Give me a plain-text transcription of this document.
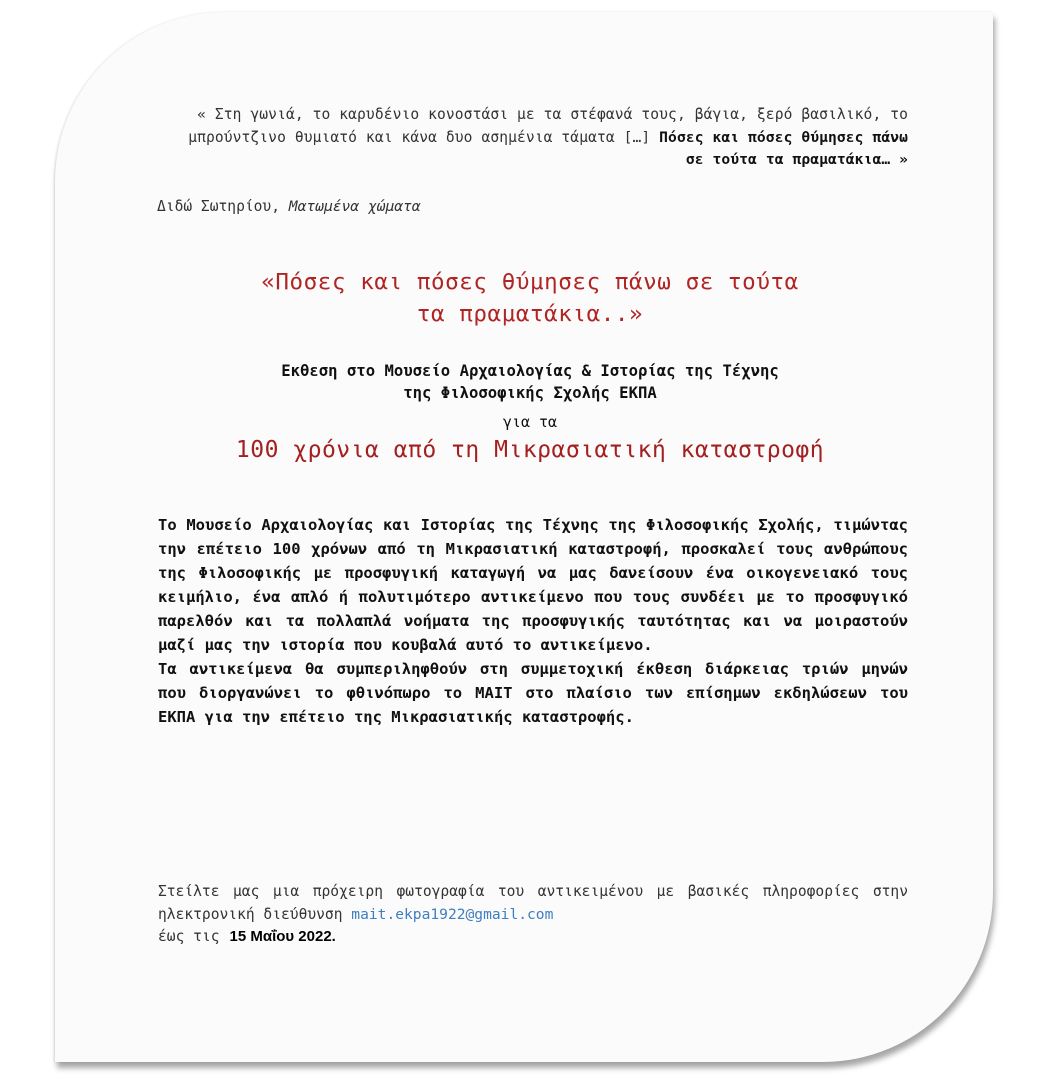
« Στη γωνιά, το καρυδένιο κονοστάσι με τα στέφανά τους, βάγια, ξερό βασιλικό, το μπρούντζινο θυμιατό και κάνα δυο ασημένια τάματα […] Πόσες και πόσες θύμησες πάνω σε τούτα τα πραματάκια… »
Διδώ Σωτηρίου, Ματωμένα χώματα
«Πόσες και πόσες θύμησες πάνω σε τούτα
τα πραματάκια..»
Εκθεση στο Μουσείο Αρχαιολογίας & Ιστορίας της Τέχνης
της Φιλοσοφικής Σχολής ΕΚΠΑ
για τα
100 χρόνια από τη Μικρασιατική καταστροφή

Το Μουσείο Αρχαιολογίας και Ιστορίας της Τέχνης της Φιλοσοφικής Σχολής, τιμώντας την επέτειο 100 χρόνων από τη Μικρασιατική καταστροφή, προσκαλεί τους ανθρώπους της Φιλοσοφικής με προσφυγική καταγωγή να μας δανείσουν ένα οικογενειακό τους κειμήλιο, ένα απλό ή πολυτιμότερο αντικείμενο που τους συνδέει με το προσφυγικό παρελθόν και τα πολλαπλά νοήματα της προσφυγικής ταυτότητας και να μοιραστούν μαζί μας την ιστορία που κουβαλά αυτό το αντικείμενο.

Τα αντικείμενα θα συμπεριληφθούν στη συμμετοχική έκθεση διάρκειας τριών μηνών που διοργανώνει το φθινόπωρο το ΜΑΙΤ στο πλαίσιο των επίσημων εκδηλώσεων του ΕΚΠΑ για την επέτειο της Μικρασιατικής καταστροφής.

Στείλτε μας μια πρόχειρη φωτογραφία του αντικειμένου με βασικές πληροφορίες στην ηλεκτρονική διεύθυνση mait.ekpa1922@gmail.com
έως τις 15 Μαΐου 2022.
